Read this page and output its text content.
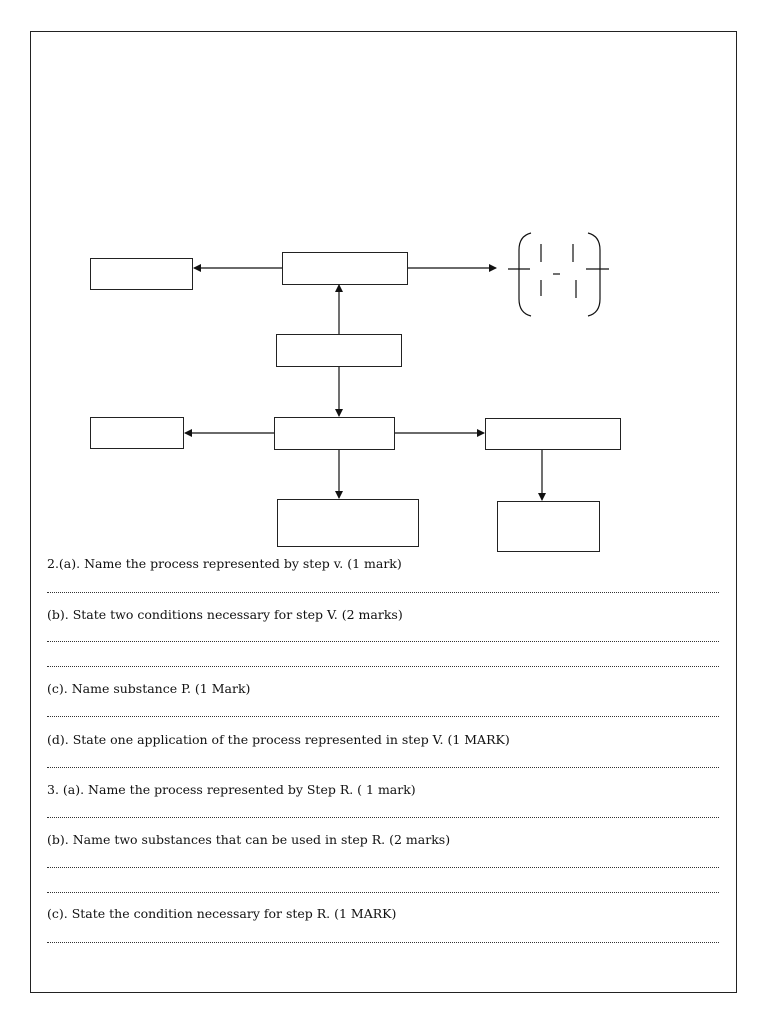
2.(a). Name the process represented by step v. (1 mark)
(b). State two conditions necessary for step V. (2 marks)
(c). Name substance P. (1 Mark)
(d). State one application of the process represented in step V. (1 MARK)
3. (a). Name the process represented by Step R. ( 1 mark)
(b). Name two substances that can be used in step R. (2 marks)
(c). State the condition necessary for step R. (1 MARK)
